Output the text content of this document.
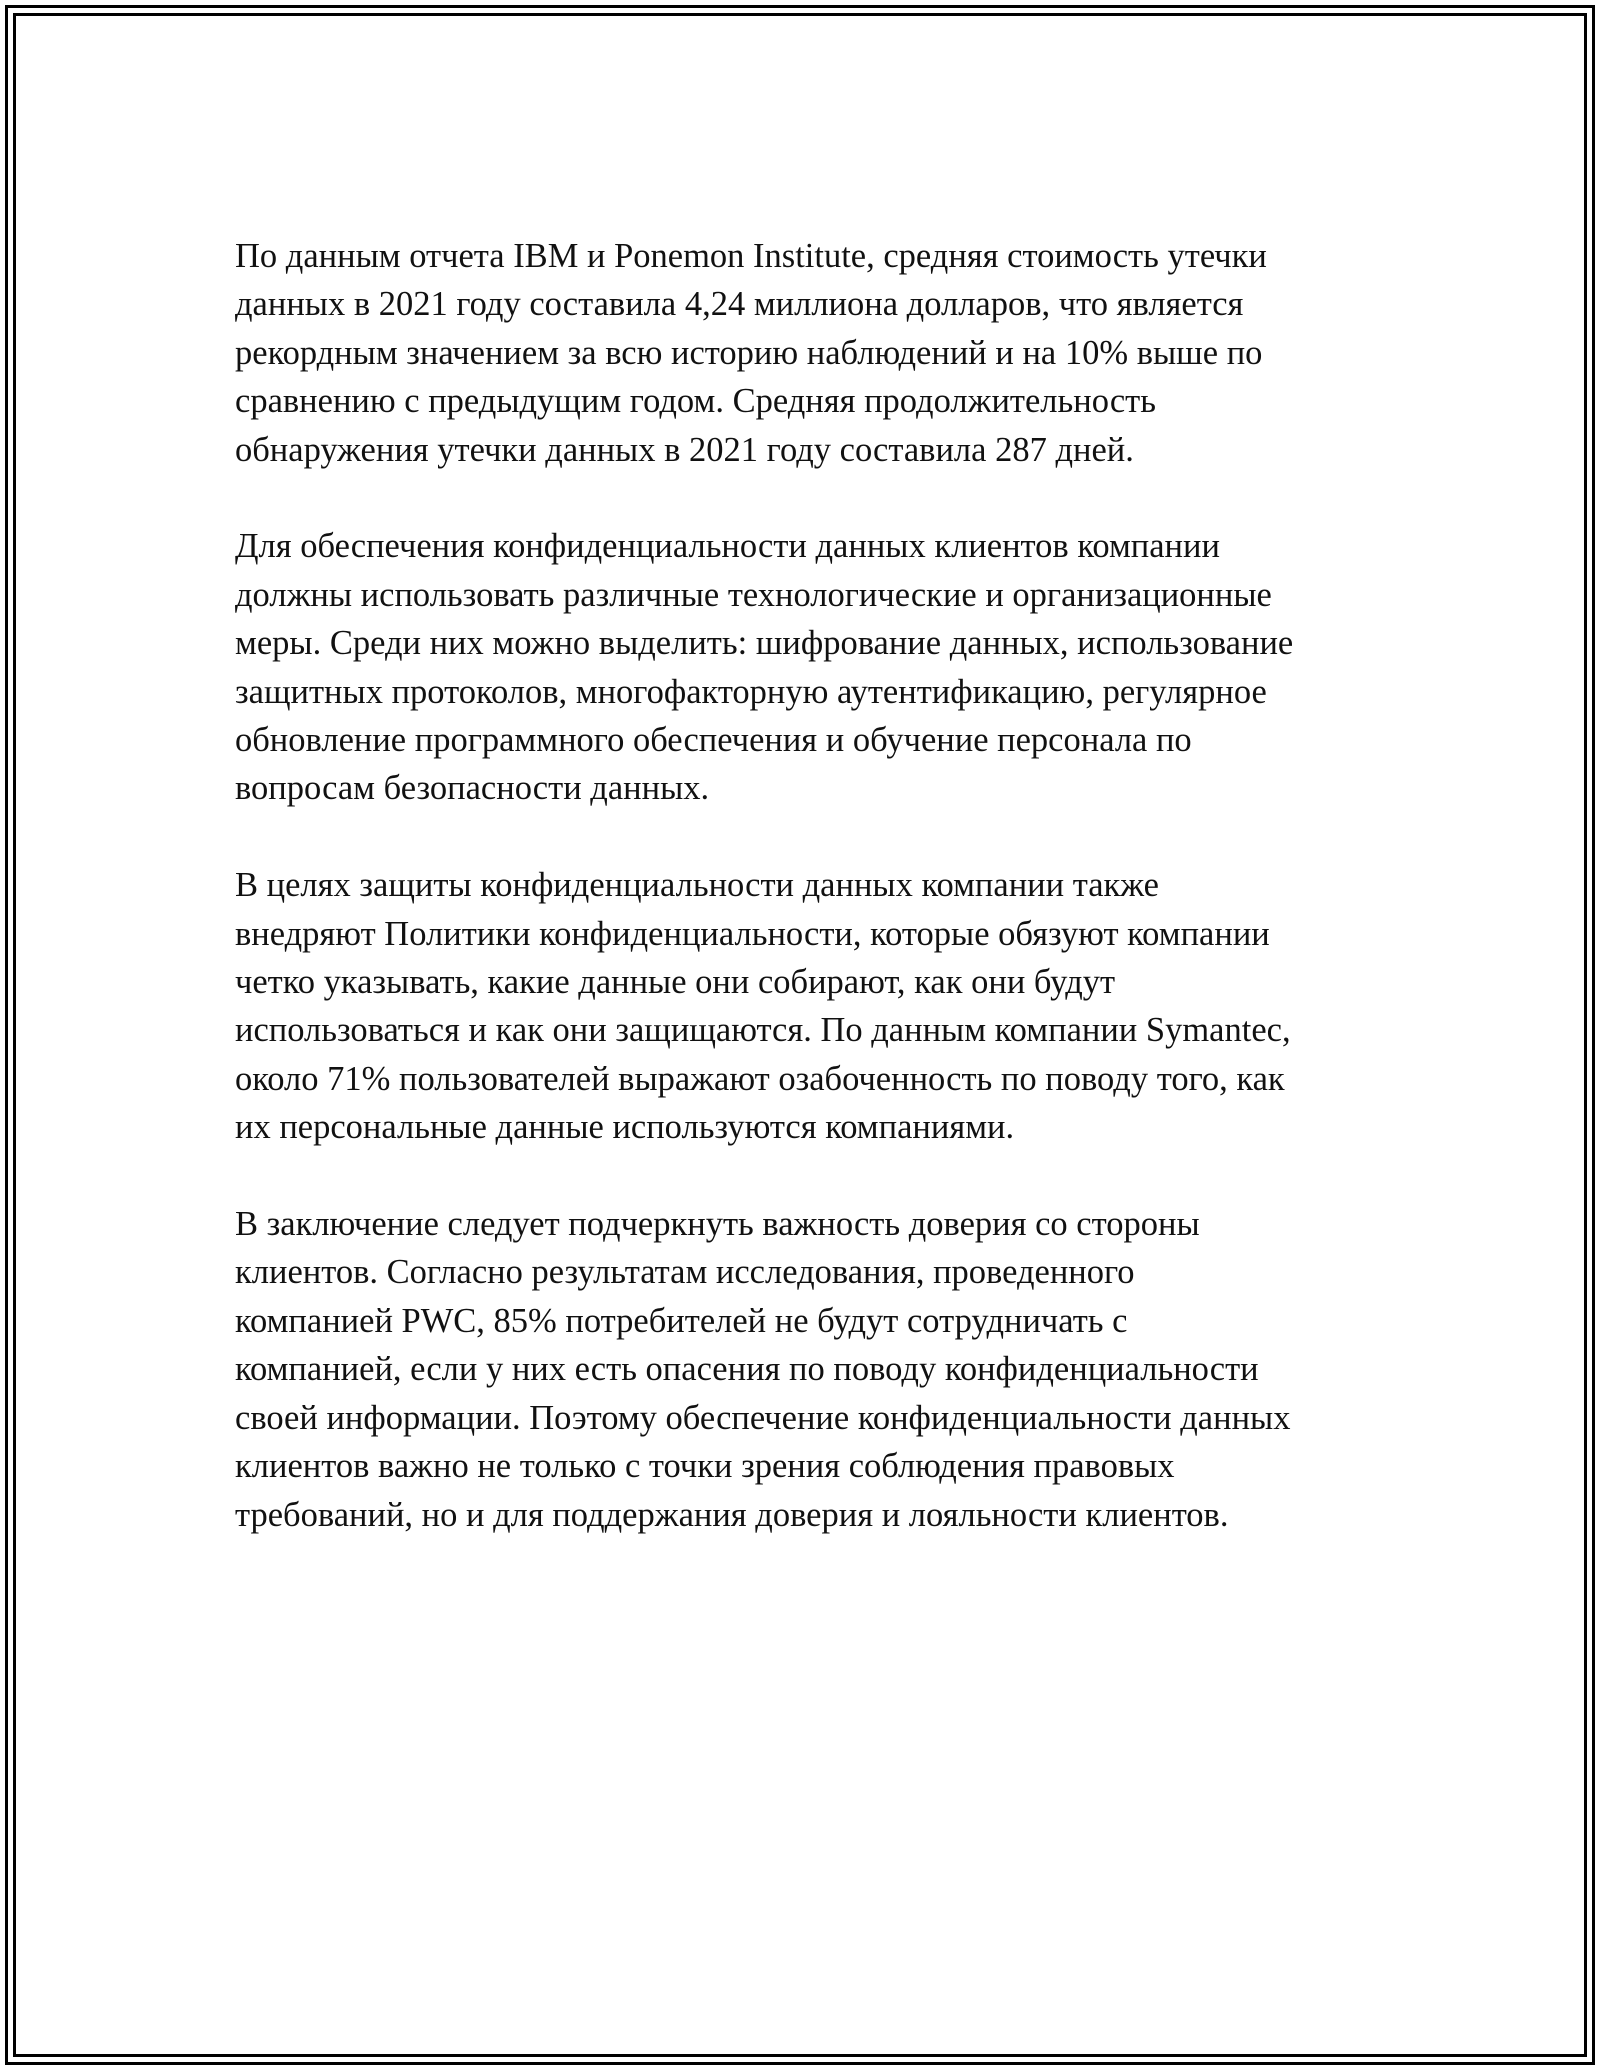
По данным отчета IBM и Ponemon Institute, средняя стоимость утечки
данных в 2021 году составила 4,24 миллиона долларов, что является
рекордным значением за всю историю наблюдений и на 10% выше по
сравнению с предыдущим годом. Средняя продолжительность
обнаружения утечки данных в 2021 году составила 287 дней.

Для обеспечения конфиденциальности данных клиентов компании
должны использовать различные технологические и организационные
меры. Среди них можно выделить: шифрование данных, использование
защитных протоколов, многофакторную аутентификацию, регулярное
обновление программного обеспечения и обучение персонала по
вопросам безопасности данных.

В целях защиты конфиденциальности данных компании также
внедряют Политики конфиденциальности, которые обязуют компании
четко указывать, какие данные они собирают, как они будут
использоваться и как они защищаются. По данным компании Symantec,
около 71% пользователей выражают озабоченность по поводу того, как
их персональные данные используются компаниями.

В заключение следует подчеркнуть важность доверия со стороны
клиентов. Согласно результатам исследования, проведенного
компанией PWC, 85% потребителей не будут сотрудничать с
компанией, если у них есть опасения по поводу конфиденциальности
своей информации. Поэтому обеспечение конфиденциальности данных
клиентов важно не только с точки зрения соблюдения правовых
требований, но и для поддержания доверия и лояльности клиентов.
